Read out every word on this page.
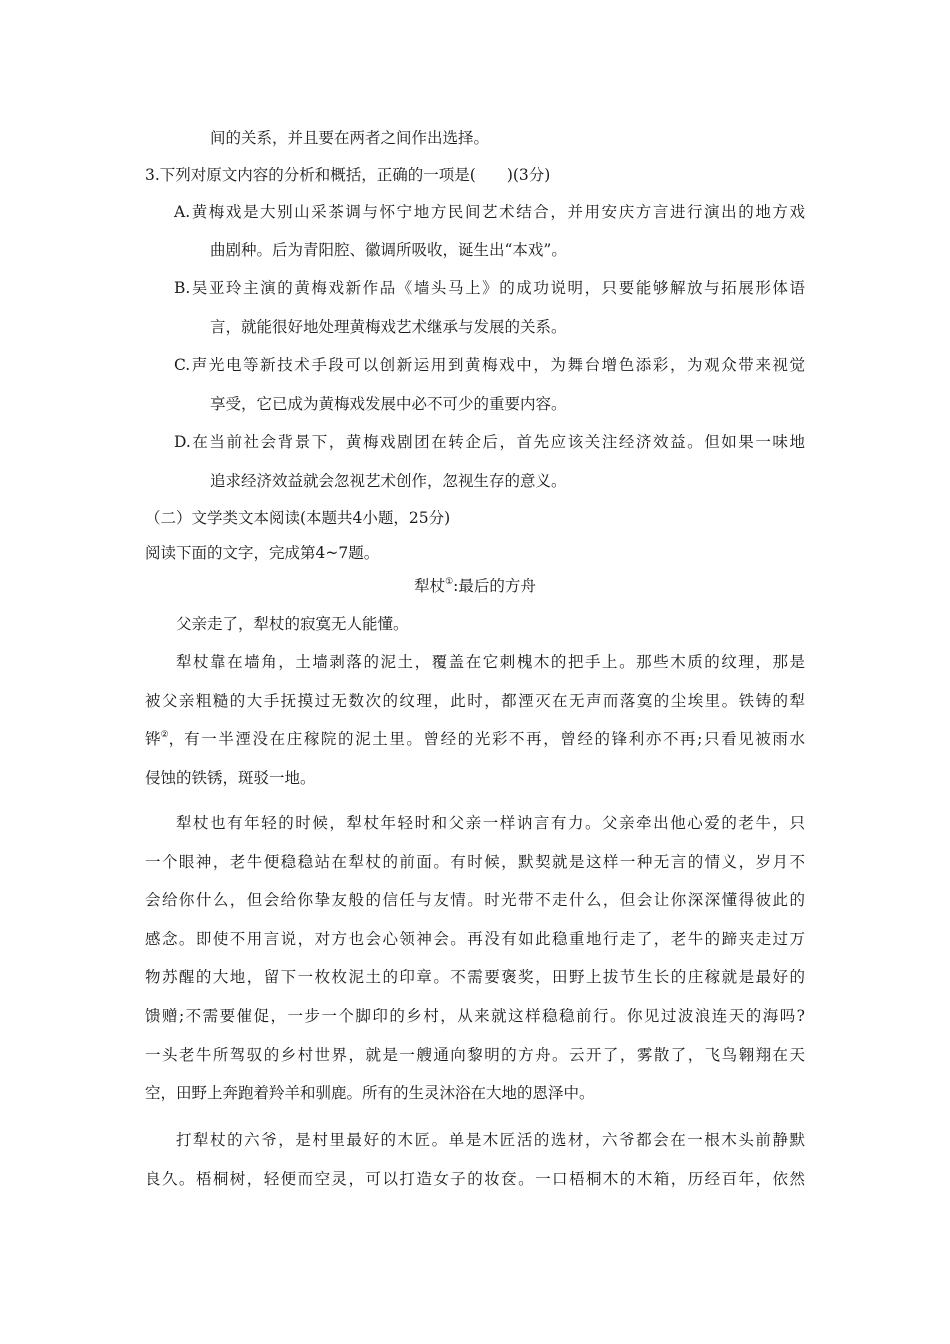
间的关系，并且要在两者之间作出选择。
3.下列对原文内容的分析和概括，正确的一项是(　　)(3分)
A.黄梅戏是大别山采茶调与怀宁地方民间艺术结合，并用安庆方言进行演出的地方戏
曲剧种。后为青阳腔、徽调所吸收，诞生出“本戏”。
B.吴亚玲主演的黄梅戏新作品《墙头马上》的成功说明，只要能够解放与拓展形体语
言，就能很好地处理黄梅戏艺术继承与发展的关系。
C.声光电等新技术手段可以创新运用到黄梅戏中，为舞台增色添彩，为观众带来视觉
享受，它已成为黄梅戏发展中必不可少的重要内容。
D.在当前社会背景下，黄梅戏剧团在转企后，首先应该关注经济效益。但如果一味地
追求经济效益就会忽视艺术创作，忽视生存的意义。
（二）文学类文本阅读(本题共4小题，25分)
阅读下面的文字，完成第4~7题。
犁杖①:最后的方舟
父亲走了，犁杖的寂寞无人能懂。
犁杖靠在墙角，土墙剥落的泥土，覆盖在它刺槐木的把手上。那些木质的纹理，那是
被父亲粗糙的大手抚摸过无数次的纹理，此时，都湮灭在无声而落寞的尘埃里。铁铸的犁
铧② ， 有一半湮没在庄稼院的泥土里。曾经的光彩不再，曾经的锋利亦不再;只看见被雨水
侵蚀的铁锈，斑驳一地。
犁杖也有年轻的时候，犁杖年轻时和父亲一样讷言有力。父亲牵出他心爱的老牛，只
一个眼神，老牛便稳稳站在犁杖的前面。有时候，默契就是这样一种无言的情义，岁月不
会给你什么，但会给你挚友般的信任与友情。时光带不走什么，但会让你深深懂得彼此的
感念。即使不用言说，对方也会心领神会。再没有如此稳重地行走了，老牛的蹄夹走过万
物苏醒的大地，留下一枚枚泥土的印章。不需要褒奖，田野上拔节生长的庄稼就是最好的
馈赠;不需要催促，一步一个脚印的乡村，从来就这样稳稳前行。你见过波浪连天的海吗?
一头老牛所驾驭的乡村世界，就是一艘通向黎明的方舟。云开了，雾散了，飞鸟翱翔在天
空，田野上奔跑着羚羊和驯鹿。所有的生灵沐浴在大地的恩泽中。
打犁杖的六爷，是村里最好的木匠。单是木匠活的选材，六爷都会在一根木头前静默
良久。梧桐树，轻便而空灵，可以打造女子的妆奁。一口梧桐木的木箱，历经百年，依然
